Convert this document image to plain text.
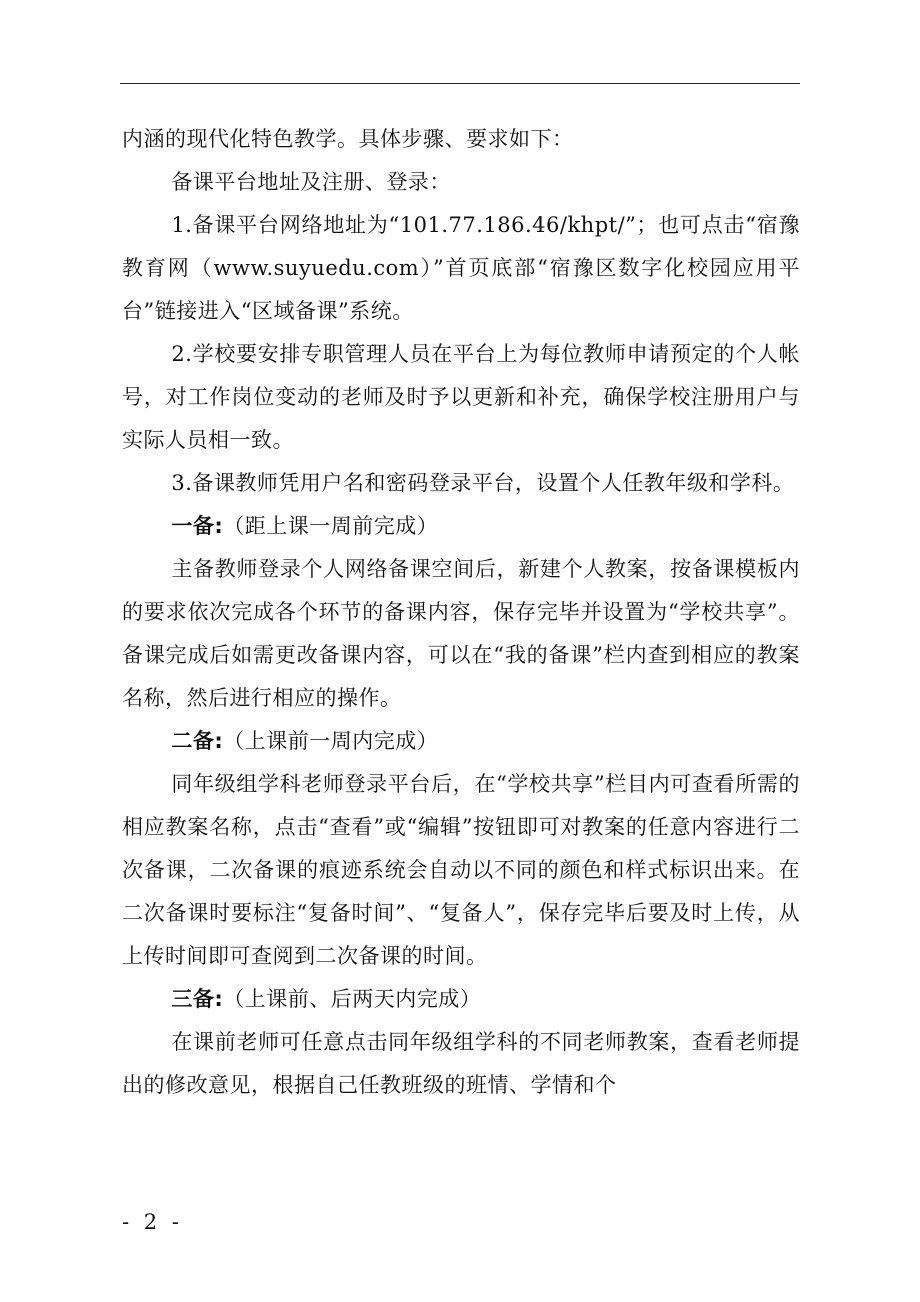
内涵的现代化特色教学。具体步骤、要求如下：

备课平台地址及注册、登录：

1.备课平台网络地址为“101.77.186.46/khpt/”；也可点击“宿豫教育网（www.suyuedu.com）”首页底部“宿豫区数字化校园应用平台”链接进入“区域备课”系统。

2.学校要安排专职管理人员在平台上为每位教师申请预定的个人帐号，对工作岗位变动的老师及时予以更新和补充，确保学校注册用户与实际人员相一致。

3.备课教师凭用户名和密码登录平台，设置个人任教年级和学科。

一备:（距上课一周前完成）

主备教师登录个人网络备课空间后，新建个人教案，按备课模板内的要求依次完成各个环节的备课内容，保存完毕并设置为“学校共享”。备课完成后如需更改备课内容，可以在“我的备课”栏内查到相应的教案名称，然后进行相应的操作。

二备:（上课前一周内完成）

同年级组学科老师登录平台后，在“学校共享”栏目内可查看所需的相应教案名称，点击“查看”或“编辑”按钮即可对教案的任意内容进行二次备课，二次备课的痕迹系统会自动以不同的颜色和样式标识出来。在二次备课时要标注“复备时间”、“复备人”，保存完毕后要及时上传，从上传时间即可查阅到二次备课的时间。

三备:（上课前、后两天内完成）

在课前老师可任意点击同年级组学科的不同老师教案，查看老师提出的修改意见，根据自己任教班级的班情、学情和个

- 2 -
